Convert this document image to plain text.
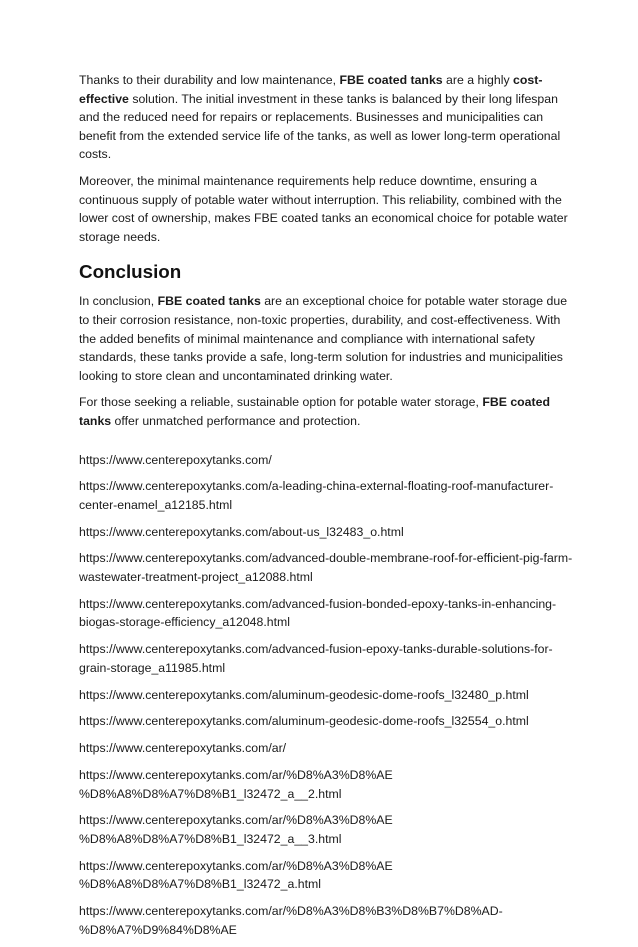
Thanks to their durability and low maintenance, FBE coated tanks are a highly cost-effective solution. The initial investment in these tanks is balanced by their long lifespan and the reduced need for repairs or replacements. Businesses and municipalities can benefit from the extended service life of the tanks, as well as lower long-term operational costs.

Moreover, the minimal maintenance requirements help reduce downtime, ensuring a continuous supply of potable water without interruption. This reliability, combined with the lower cost of ownership, makes FBE coated tanks an economical choice for potable water storage needs.

Conclusion

In conclusion, FBE coated tanks are an exceptional choice for potable water storage due to their corrosion resistance, non-toxic properties, durability, and cost-effectiveness. With the added benefits of minimal maintenance and compliance with international safety standards, these tanks provide a safe, long-term solution for industries and municipalities looking to store clean and uncontaminated drinking water.

For those seeking a reliable, sustainable option for potable water storage, FBE coated tanks offer unmatched performance and protection.

https://www.centerepoxytanks.com/
https://www.centerepoxytanks.com/a-leading-china-external-floating-roof-manufacturer-
center-enamel_a12185.html
https://www.centerepoxytanks.com/about-us_l32483_o.html
https://www.centerepoxytanks.com/advanced-double-membrane-roof-for-efficient-pig-farm-
wastewater-treatment-project_a12088.html
https://www.centerepoxytanks.com/advanced-fusion-bonded-epoxy-tanks-in-enhancing-
biogas-storage-efficiency_a12048.html
https://www.centerepoxytanks.com/advanced-fusion-epoxy-tanks-durable-solutions-for-
grain-storage_a11985.html
https://www.centerepoxytanks.com/aluminum-geodesic-dome-roofs_l32480_p.html
https://www.centerepoxytanks.com/aluminum-geodesic-dome-roofs_l32554_o.html
https://www.centerepoxytanks.com/ar/
https://www.centerepoxytanks.com/ar/%D8%A3%D8%AE
%D8%A8%D8%A7%D8%B1_l32472_a__2.html
https://www.centerepoxytanks.com/ar/%D8%A3%D8%AE
%D8%A8%D8%A7%D8%B1_l32472_a__3.html
https://www.centerepoxytanks.com/ar/%D8%A3%D8%AE
%D8%A8%D8%A7%D8%B1_l32472_a.html
https://www.centerepoxytanks.com/ar/%D8%A3%D8%B3%D8%B7%D8%AD-
%D8%A7%D9%84%D8%AE
